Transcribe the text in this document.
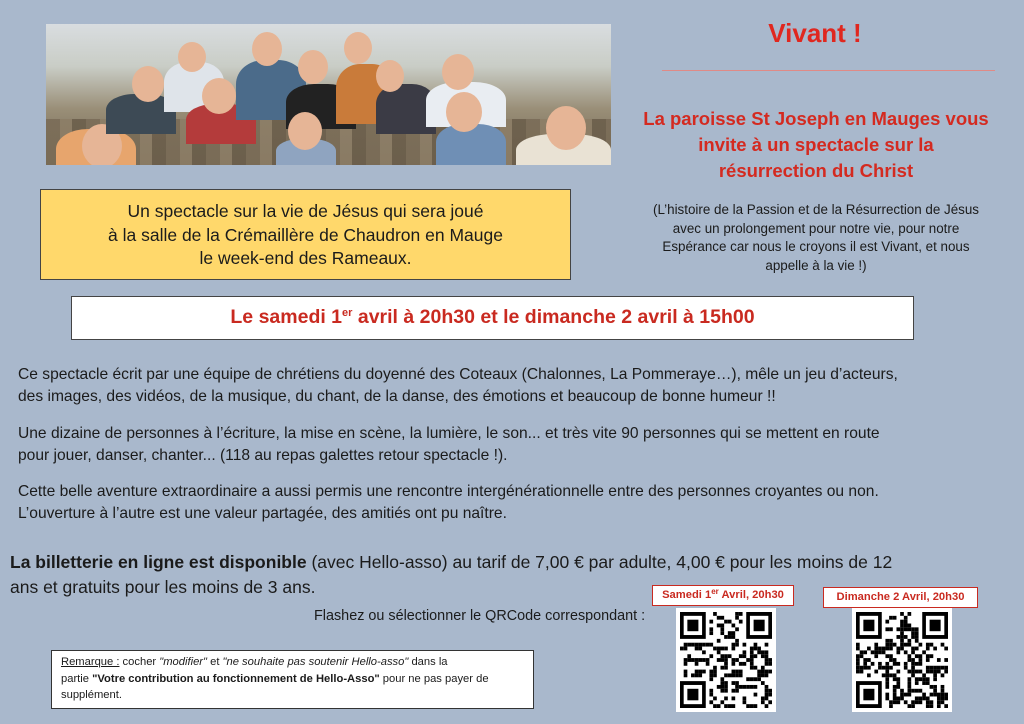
Vivant !
La paroisse St Joseph en Mauges vous
invite à un spectacle sur la
résurrection du Christ
(L’histoire de la Passion et de la Résurrection de Jésus
avec un prolongement pour notre vie, pour notre
Espérance car nous le croyons il est Vivant, et nous
appelle à la vie !)
Un spectacle sur la vie de Jésus qui sera joué
à la salle de la Crémaillère de Chaudron en Mauge
le week-end des Rameaux.
Le samedi 1er avril à 20h30 et le dimanche 2 avril à 15h00
Ce spectacle écrit par une équipe de chrétiens du doyenné des Coteaux (Chalonnes, La Pommeraye…), mêle un jeu d’acteurs,
des images, des vidéos, de la musique, du chant, de la danse, des émotions et beaucoup de bonne humeur !!
Une dizaine de personnes à l’écriture, la mise en scène, la lumière, le son... et très vite 90 personnes qui se mettent en route
pour jouer, danser, chanter... (118 au repas galettes retour spectacle !).
Cette belle aventure extraordinaire a aussi permis une rencontre intergénérationnelle entre des personnes croyantes ou non.
L’ouverture à l’autre est une valeur partagée, des amitiés ont pu naître.
La billetterie en ligne est disponible (avec Hello-asso) au tarif de 7,00 € par adulte, 4,00 € pour les moins de 12
ans et gratuits pour les moins de 3 ans.
Flashez ou sélectionner le QRCode correspondant :
Samedi 1er Avril, 20h30	Dimanche 2 Avril, 20h30
Remarque : cocher "modifier" et "ne souhaite pas soutenir Hello-asso" dans la
partie "Votre contribution au fonctionnement de Hello-Asso" pour ne pas payer de
supplément.
